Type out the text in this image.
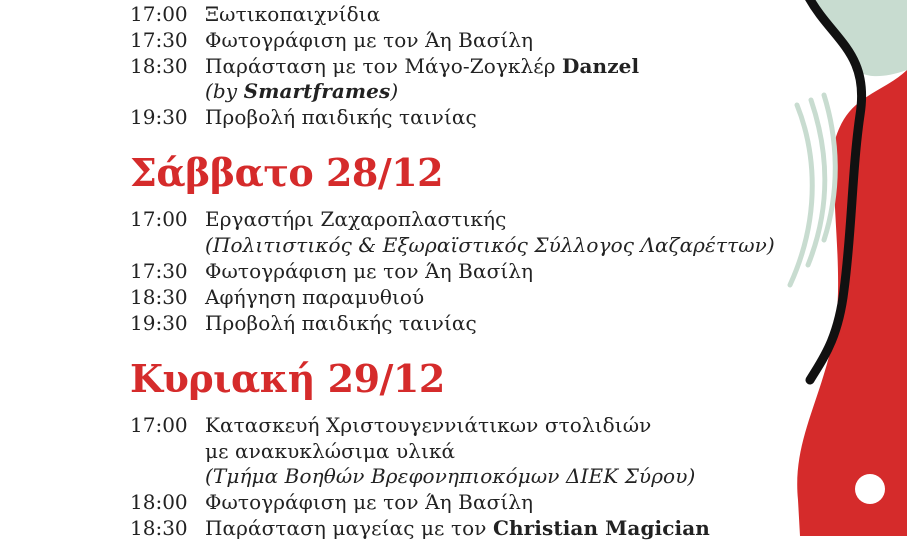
17:00 Ξωτικοπαιχνίδια
17:30 Φωτογράφιση με τον Άη Βασίλη
18:30 Παράσταση με τον Μάγο-Ζογκλέρ Danzel
(by Smartframes)
19:30 Προβολή παιδικής ταινίας
Σάββατο 28/12
17:00 Εργαστήρι Ζαχαροπλαστικής
(Πολιτιστικός & Εξωραϊστικός Σύλλογος Λαζαρέττων)
17:30 Φωτογράφιση με τον Άη Βασίλη
18:30 Αφήγηση παραμυθιού
19:30 Προβολή παιδικής ταινίας
Κυριακή 29/12
17:00 Κατασκευή Χριστουγεννιάτικων στολιδιών
με ανακυκλώσιμα υλικά
(Τμήμα Βοηθών Βρεφονηπιοκόμων ΔΙΕΚ Σύρου)
18:00 Φωτογράφιση με τον Άη Βασίλη
18:30 Παράσταση μαγείας με τον Christian Magician
